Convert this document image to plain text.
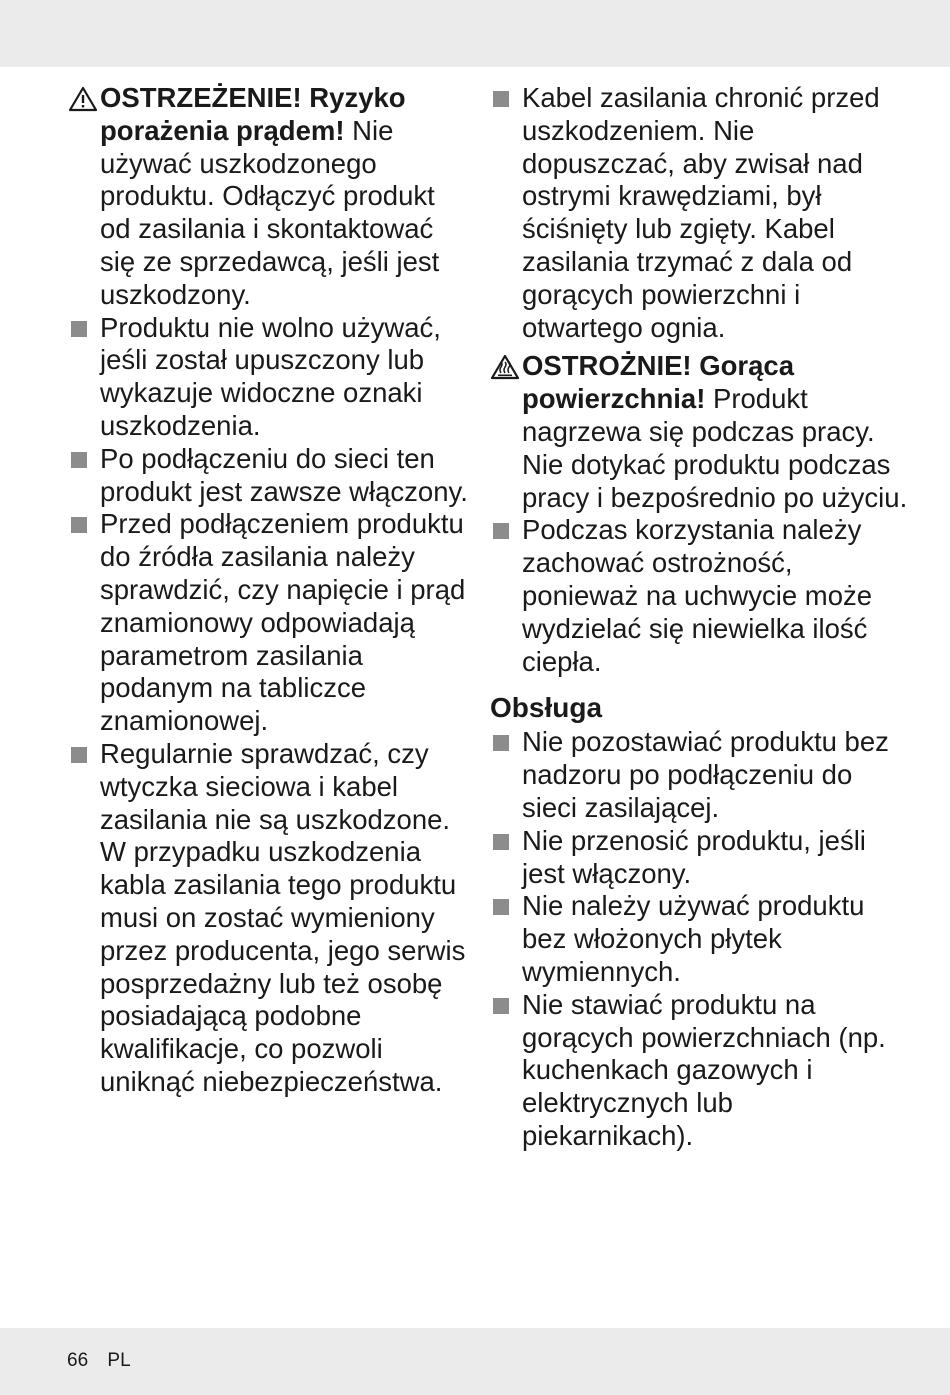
OSTRZEŻENIE! Ryzyko porażenia prądem! Nie używać uszkodzonego produktu. Odłączyć produkt od zasilania i skontaktować się ze sprzedawcą, jeśli jest uszkodzony.
Produktu nie wolno używać, jeśli został upuszczony lub wykazuje widoczne oznaki uszkodzenia.
Po podłączeniu do sieci ten produkt jest zawsze włączony.
Przed podłączeniem produktu do źródła zasilania należy sprawdzić, czy napięcie i prąd znamionowy odpowiadają parametrom zasilania podanym na tabliczce znamionowej.
Regularnie sprawdzać, czy wtyczka sieciowa i kabel zasilania nie są uszkodzone. W przypadku uszkodzenia kabla zasilania tego produktu musi on zostać wymieniony przez producenta, jego serwis posprzedażny lub też osobę posiadającą podobne kwalifikacje, co pozwoli uniknąć niebezpieczeństwa.
Kabel zasilania chronić przed uszkodzeniem. Nie dopuszczać, aby zwisał nad ostrymi krawędziami, był ściśnięty lub zgięty. Kabel zasilania trzymać z dala od gorących powierzchni i otwartego ognia.
OSTROŻNIE! Gorąca powierzchnia! Produkt nagrzewa się podczas pracy. Nie dotykać produktu podczas pracy i bezpośrednio po użyciu.
Podczas korzystania należy zachować ostrożność, ponieważ na uchwycie może wydzielać się niewielka ilość ciepła.
Obsługa
Nie pozostawiać produktu bez nadzoru po podłączeniu do sieci zasilającej.
Nie przenosić produktu, jeśli jest włączony.
Nie należy używać produktu bez włożonych płytek wymiennych.
Nie stawiać produktu na gorących powierzchniach (np. kuchenkach gazowych i elektrycznych lub piekarnikach).
66 PL
